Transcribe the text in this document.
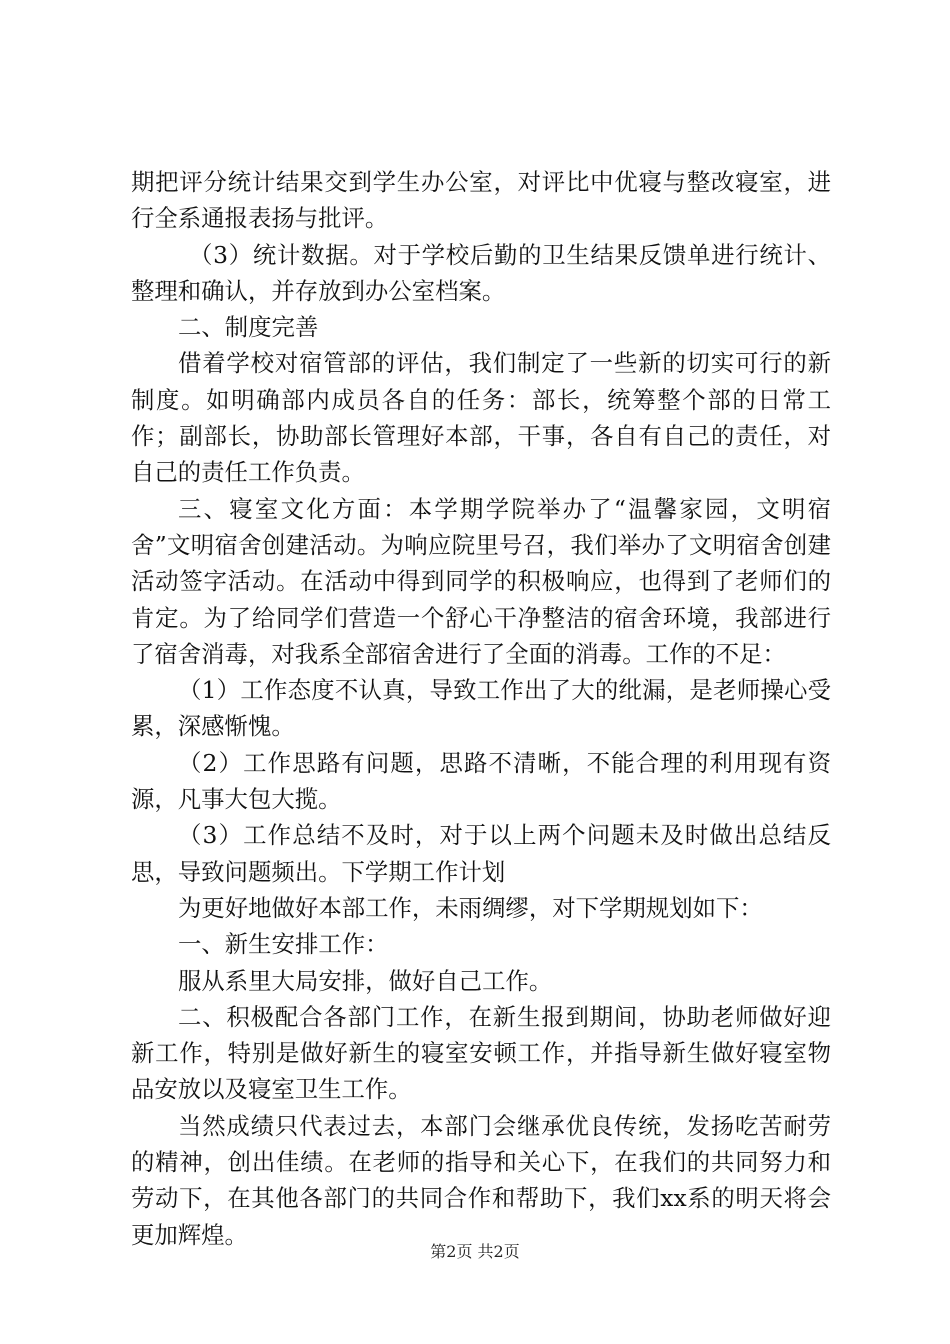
期把评分统计结果交到学生办公室，对评比中优寝与整改寝室，进行全系通报表扬与批评。

（3）统计数据。对于学校后勤的卫生结果反馈单进行统计、整理和确认，并存放到办公室档案。

二、制度完善

借着学校对宿管部的评估，我们制定了一些新的切实可行的新制度。如明确部内成员各自的任务：部长，统筹整个部的日常工作；副部长，协助部长管理好本部，干事，各自有自己的责任，对自己的责任工作负责。

三、寝室文化方面：本学期学院举办了“温馨家园，文明宿舍”文明宿舍创建活动。为响应院里号召，我们举办了文明宿舍创建活动签字活动。在活动中得到同学的积极响应，也得到了老师们的肯定。为了给同学们营造一个舒心干净整洁的宿舍环境，我部进行了宿舍消毒，对我系全部宿舍进行了全面的消毒。工作的不足：

（1）工作态度不认真，导致工作出了大的纰漏，是老师操心受累，深感惭愧。

（2）工作思路有问题，思路不清晰，不能合理的利用现有资源，凡事大包大揽。

（3）工作总结不及时，对于以上两个问题未及时做出总结反思，导致问题频出。下学期工作计划

为更好地做好本部工作，未雨绸缪，对下学期规划如下：

一、新生安排工作：

服从系里大局安排，做好自己工作。

二、积极配合各部门工作，在新生报到期间，协助老师做好迎新工作，特别是做好新生的寝室安顿工作，并指导新生做好寝室物品安放以及寝室卫生工作。

当然成绩只代表过去，本部门会继承优良传统，发扬吃苦耐劳的精神，创出佳绩。在老师的指导和关心下，在我们的共同努力和劳动下，在其他各部门的共同合作和帮助下，我们xx系的明天将会更加辉煌。

第2页 共2页
